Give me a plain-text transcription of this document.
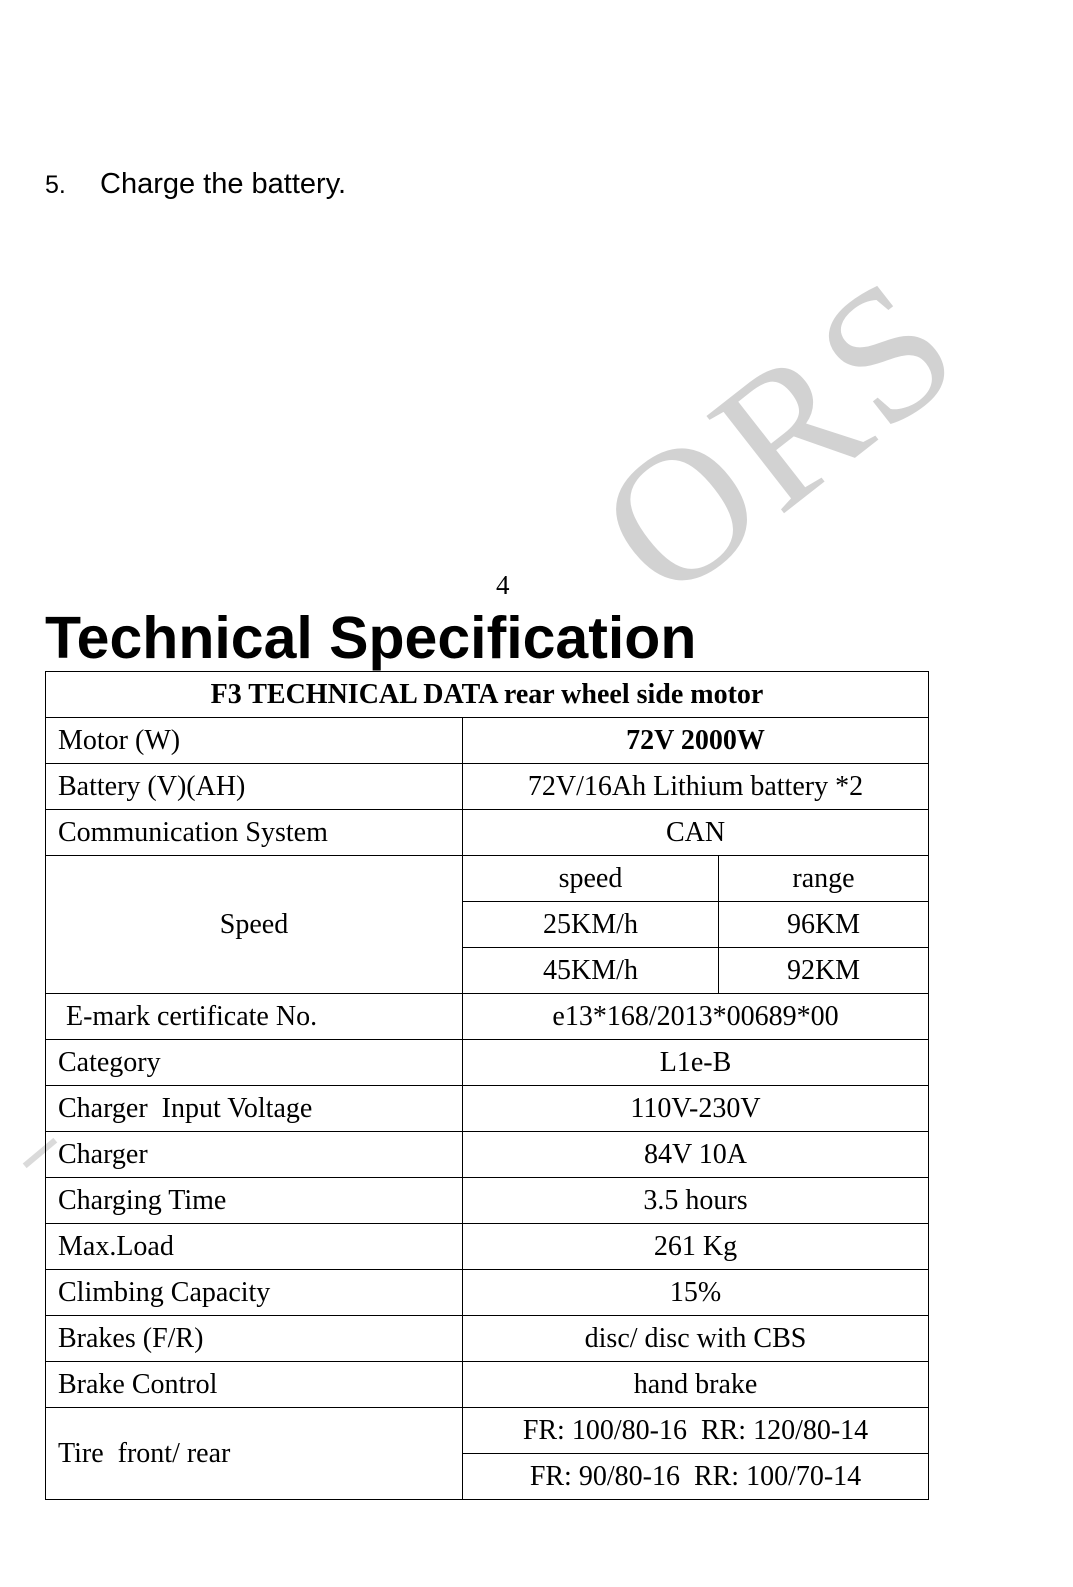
ORS
5. Charge the battery.
4
Technical Specification
F3 TECHNICAL DATA rear wheel side motor		
Motor (W)	72V 2000W	
Battery (V)(AH)	72V/16Ah Lithium battery *2	
Communication System	CAN	
Speed	speed	range
	25KM/h	96KM
	45KM/h	92KM
E-mark certificate No.	e13*168/2013*00689*00	
Category	L1e-B	
Charger  Input Voltage	110V-230V	
Charger	84V 10A	
Charging Time	3.5 hours	
Max.Load	261 Kg	
Climbing Capacity	15%	
Brakes (F/R)	disc/ disc with CBS	
Brake Control	hand brake	
Tire  front/ rear	FR: 100/80-16  RR: 120/80-14	
	FR: 90/80-16  RR: 100/70-14	
